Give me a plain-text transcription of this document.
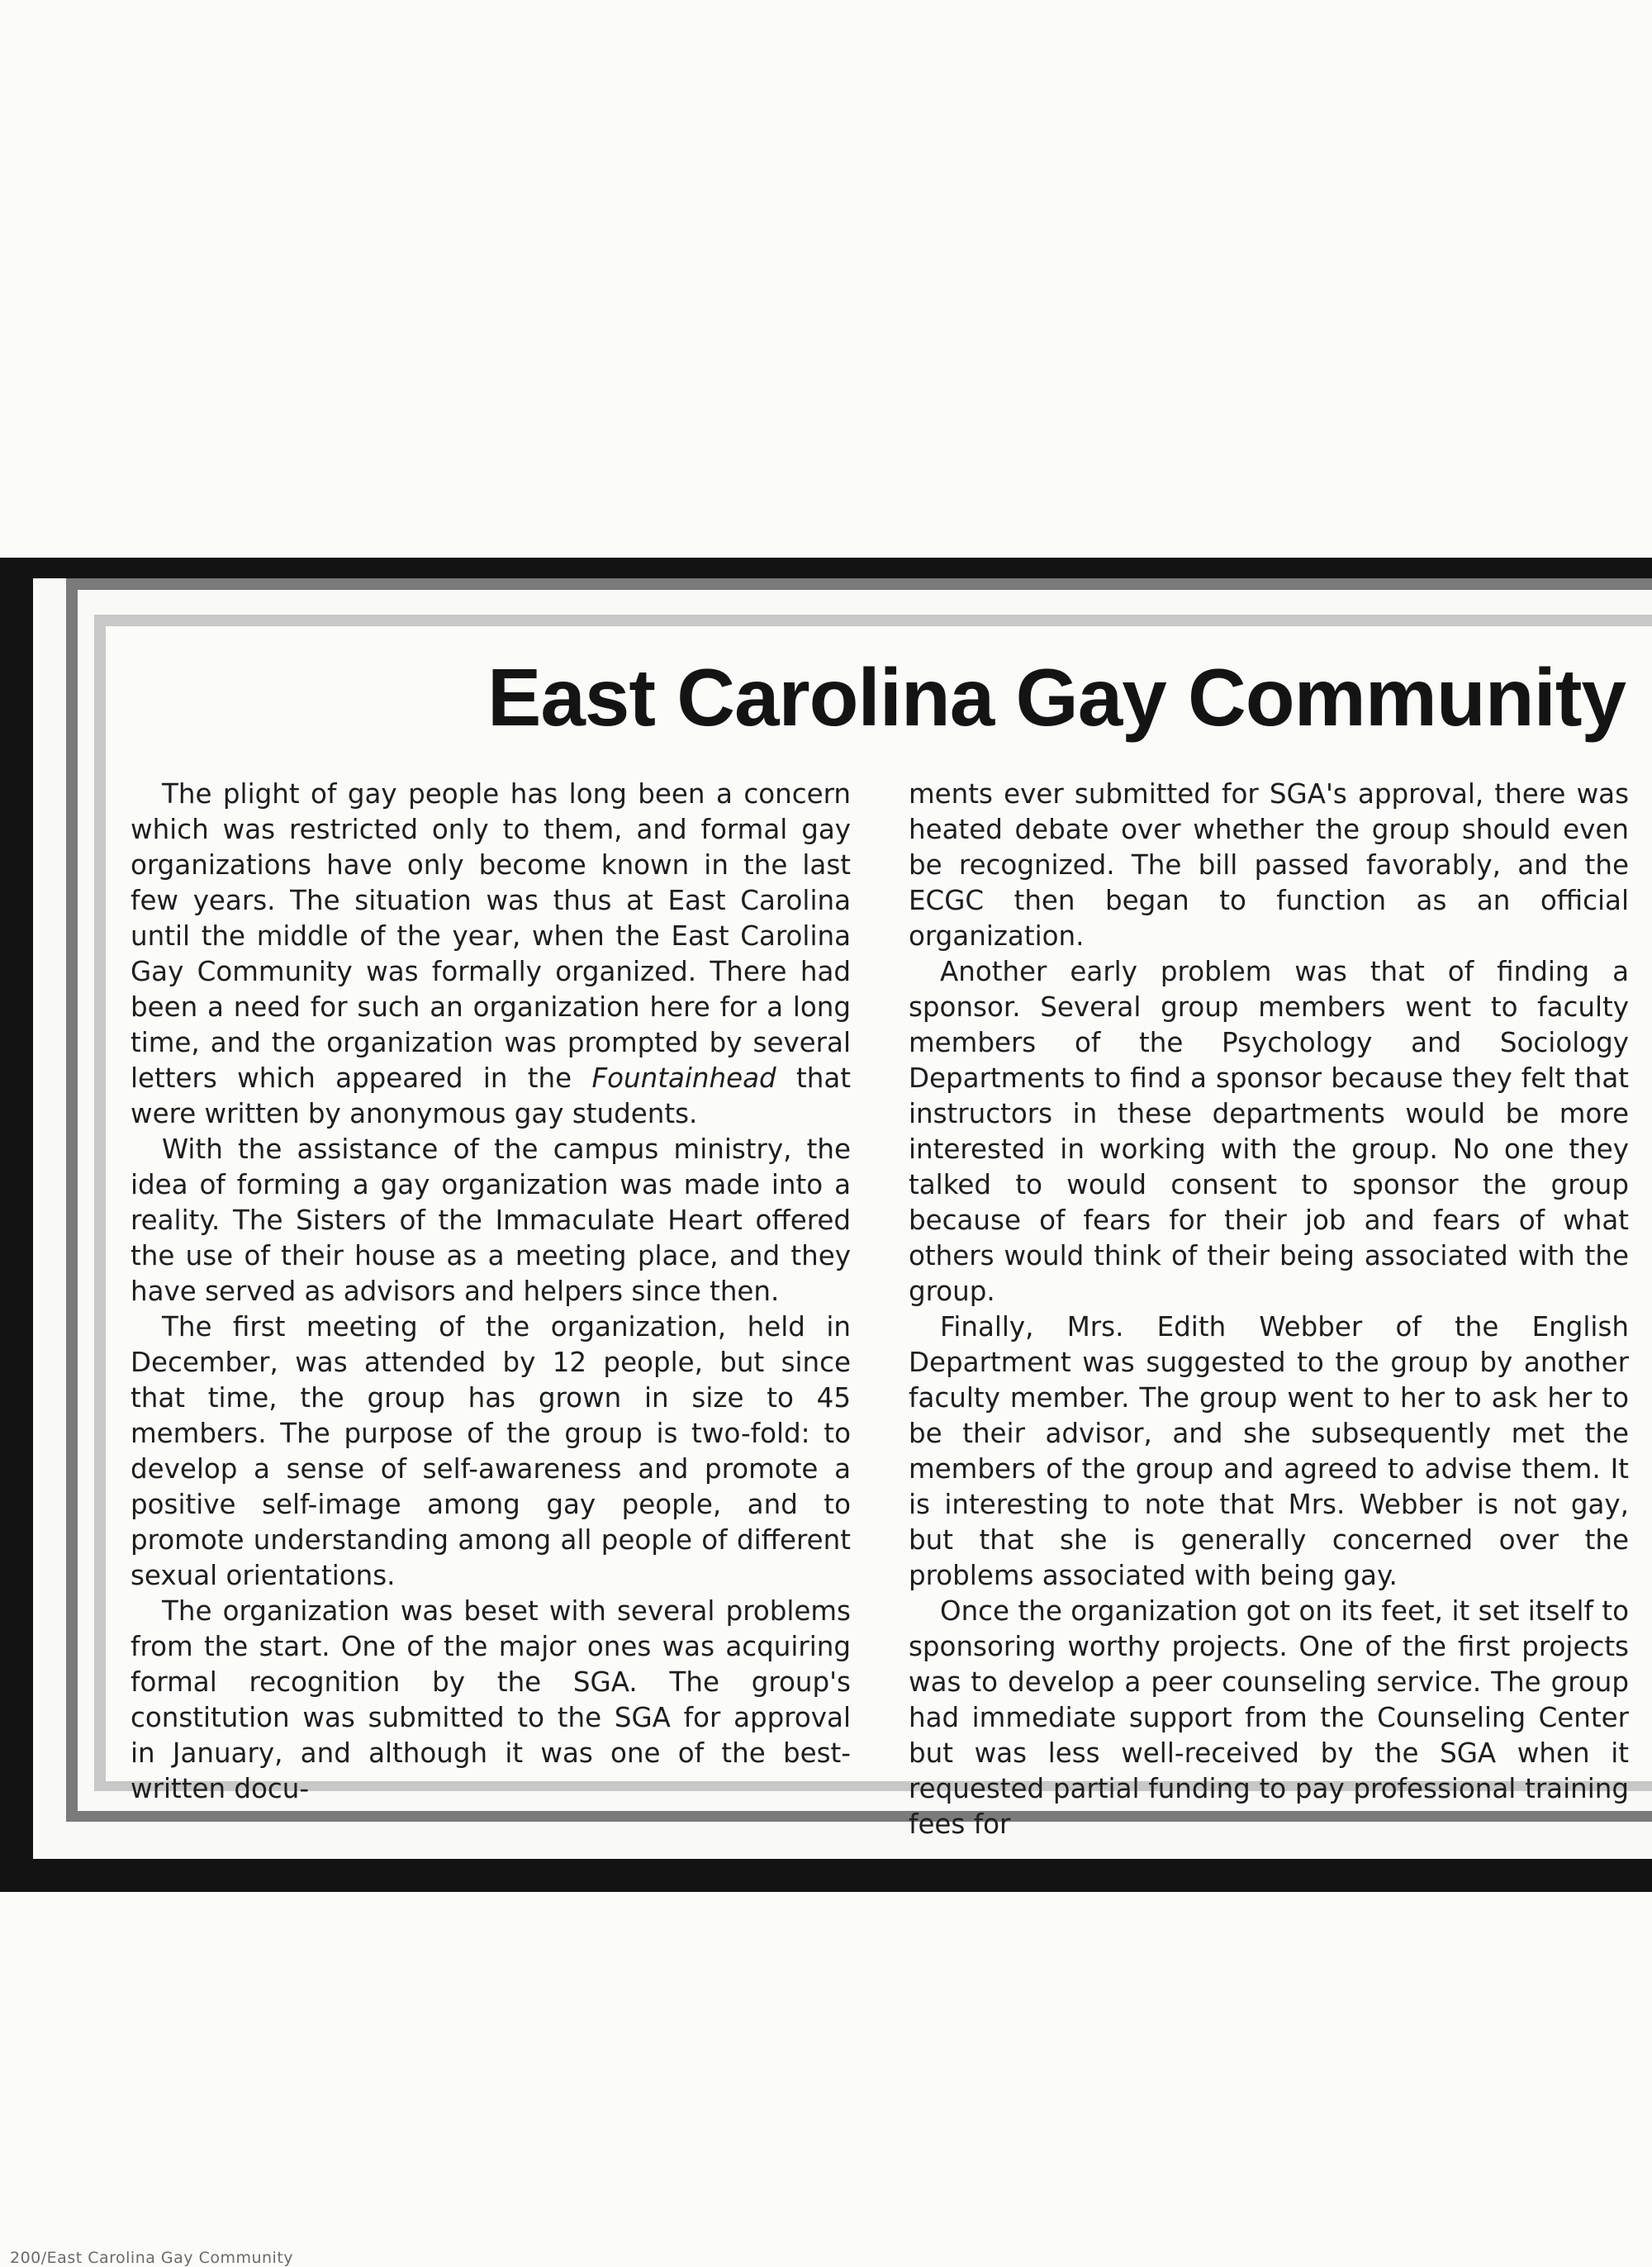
East Carolina Gay Community

The plight of gay people has long been a concern which was restricted only to them, and formal gay organizations have only become known in the last few years. The situation was thus at East Carolina until the middle of the year, when the East Carolina Gay Community was formally organized. There had been a need for such an organization here for a long time, and the organization was prompted by several letters which appeared in the Fountainhead that were written by anonymous gay students.

With the assistance of the campus ministry, the idea of forming a gay organization was made into a reality. The Sisters of the Immaculate Heart offered the use of their house as a meeting place, and they have served as advisors and helpers since then.

The first meeting of the organization, held in December, was attended by 12 people, but since that time, the group has grown in size to 45 members. The purpose of the group is two-fold: to develop a sense of self-awareness and promote a positive self-image among gay people, and to promote understanding among all people of different sexual orientations.

The organization was beset with several problems from the start. One of the major ones was acquiring formal recognition by the SGA. The group's constitution was submitted to the SGA for approval in January, and although it was one of the best-written docu-

ments ever submitted for SGA's approval, there was heated debate over whether the group should even be recognized. The bill passed favorably, and the ECGC then began to function as an official organization.

Another early problem was that of finding a sponsor. Several group members went to faculty members of the Psychology and Sociology Departments to find a sponsor because they felt that instructors in these departments would be more interested in working with the group. No one they talked to would consent to sponsor the group because of fears for their job and fears of what others would think of their being associated with the group.

Finally, Mrs. Edith Webber of the English Department was suggested to the group by another faculty member. The group went to her to ask her to be their advisor, and she subsequently met the members of the group and agreed to advise them. It is interesting to note that Mrs. Webber is not gay, but that she is generally concerned over the problems associated with being gay.

Once the organization got on its feet, it set itself to sponsoring worthy projects. One of the first projects was to develop a peer counseling service. The group had immediate support from the Counseling Center but was less well-received by the SGA when it requested partial funding to pay professional training fees for

200/East Carolina Gay Community
